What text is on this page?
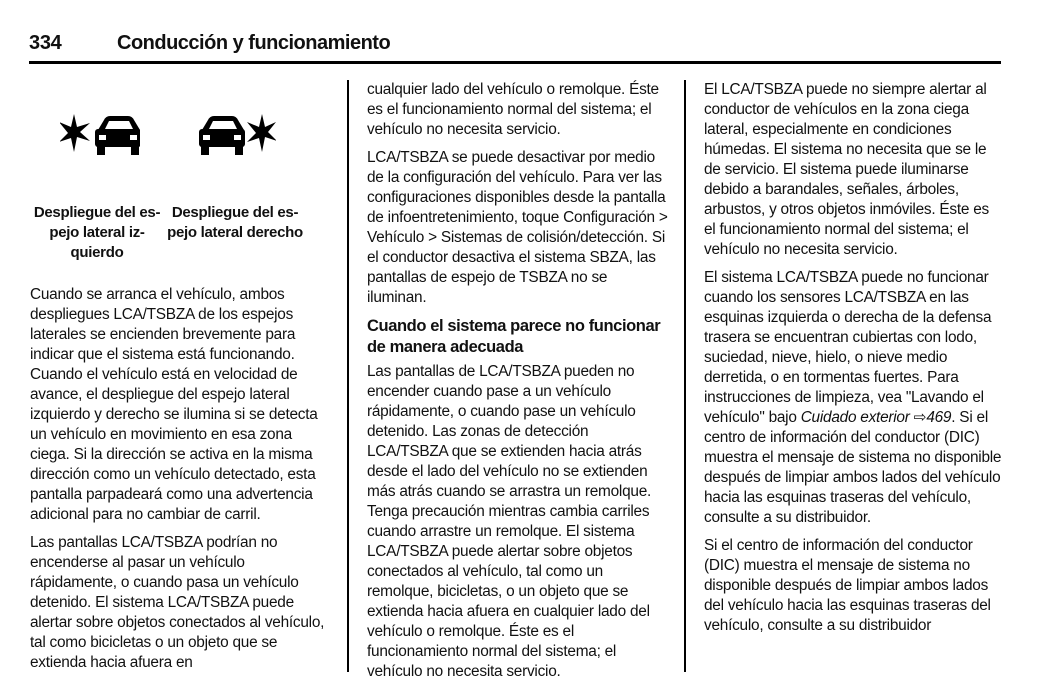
334	Conducción y funcionamiento
Despliegue del es-
pejo lateral iz-
quierdo
Despliegue del es-
pejo lateral derecho

Cuando se arranca el vehículo, ambos despliegues LCA/TSBZA de los espejos laterales se encienden brevemente para indicar que el sistema está funcionando. Cuando el vehículo está en velocidad de avance, el despliegue del espejo lateral izquierdo y derecho se ilumina si se detecta un vehículo en movimiento en esa zona ciega. Si la dirección se activa en la misma dirección como un vehículo detectado, esta pantalla parpadeará como una advertencia adicional para no cambiar de carril.

Las pantallas LCA/TSBZA podrían no encenderse al pasar un vehículo rápidamente, o cuando pasa un vehículo detenido. El sistema LCA/TSBZA puede alertar sobre objetos conectados al vehículo, tal como bicicletas o un objeto que se extienda hacia afuera en

cualquier lado del vehículo o remolque. Éste es el funcionamiento normal del sistema; el vehículo no necesita servicio.

LCA/TSBZA se puede desactivar por medio de la configuración del vehículo. Para ver las configuraciones disponibles desde la pantalla de infoentretenimiento, toque Configuración > Vehículo > Sistemas de colisión/detección. Si el conductor desactiva el sistema SBZA, las pantallas de espejo de TSBZA no se iluminan.

Cuando el sistema parece no funcionar de manera adecuada

Las pantallas de LCA/TSBZA pueden no encender cuando pase a un vehículo rápidamente, o cuando pase un vehículo detenido. Las zonas de detección LCA/TSBZA que se extienden hacia atrás desde el lado del vehículo no se extienden más atrás cuando se arrastra un remolque. Tenga precaución mientras cambia carriles cuando arrastre un remolque. El sistema LCA/TSBZA puede alertar sobre objetos conectados al vehículo, tal como un remolque, bicicletas, o un objeto que se extienda hacia afuera en cualquier lado del vehículo o remolque. Éste es el funcionamiento normal del sistema; el vehículo no necesita servicio.

El LCA/TSBZA puede no siempre alertar al conductor de vehículos en la zona ciega lateral, especialmente en condiciones húmedas. El sistema no necesita que se le de servicio. El sistema puede iluminarse debido a barandales, señales, árboles, arbustos, y otros objetos inmóviles. Éste es el funcionamiento normal del sistema; el vehículo no necesita servicio.

El sistema LCA/TSBZA puede no funcionar cuando los sensores LCA/TSBZA en las esquinas izquierda o derecha de la defensa trasera se encuentran cubiertas con lodo, suciedad, nieve, hielo, o nieve medio derretida, o en tormentas fuertes. Para instrucciones de limpieza, vea "Lavando el vehículo" bajo Cuidado exterior ⇨469. Si el centro de información del conductor (DIC) muestra el mensaje de sistema no disponible después de limpiar ambos lados del vehículo hacia las esquinas traseras del vehículo, consulte a su distribuidor.

Si el centro de información del conductor (DIC) muestra el mensaje de sistema no disponible después de limpiar ambos lados del vehículo hacia las esquinas traseras del vehículo, consulte a su distribuidor
